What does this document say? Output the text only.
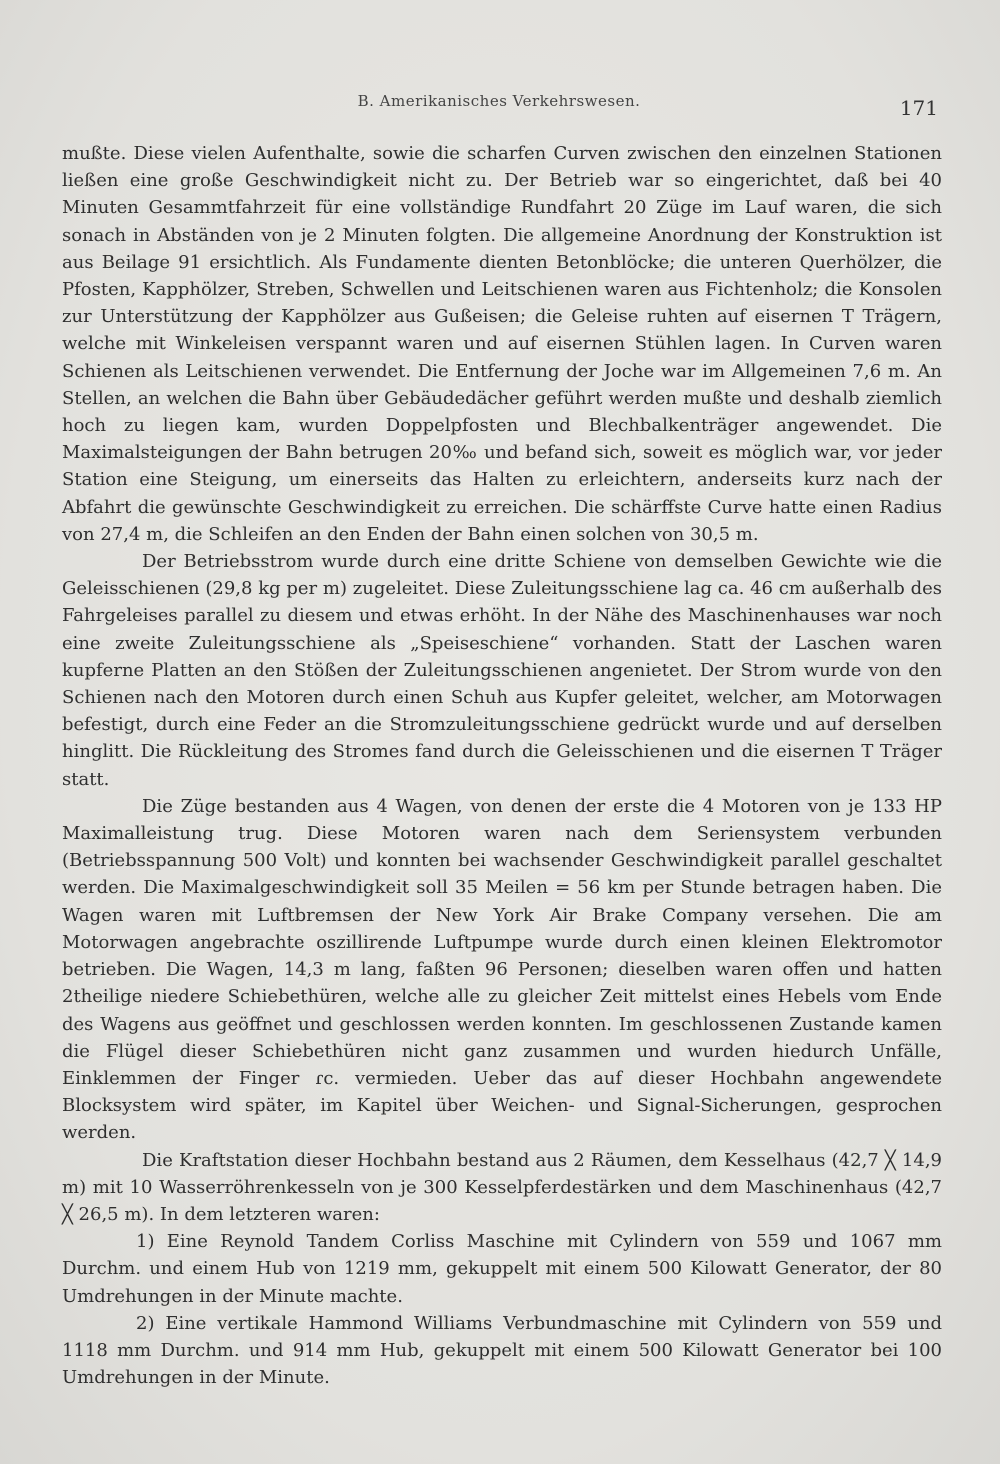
B. Amerikanisches Verkehrswesen.	171

mußte. Diese vielen Aufenthalte, sowie die scharfen Curven zwischen den einzelnen Stationen ließen eine große Geschwindigkeit nicht zu. Der Betrieb war so eingerichtet, daß bei 40 Minuten Gesammtfahrzeit für eine vollständige Rundfahrt 20 Züge im Lauf waren, die sich sonach in Abständen von je 2 Minuten folgten. Die allgemeine Anordnung der Konstruktion ist aus Beilage 91 ersichtlich. Als Fundamente dienten Betonblöcke; die unteren Querhölzer, die Pfosten, Kapphölzer, Streben, Schwellen und Leitschienen waren aus Fichtenholz; die Konsolen zur Unterstützung der Kapphölzer aus Gußeisen; die Geleise ruhten auf eisernen T Trägern, welche mit Winkeleisen verspannt waren und auf eisernen Stühlen lagen. In Curven waren Schienen als Leitschienen verwendet. Die Entfernung der Joche war im Allgemeinen 7,6 m. An Stellen, an welchen die Bahn über Gebäudedächer geführt werden mußte und deshalb ziemlich hoch zu liegen kam, wurden Doppelpfosten und Blechbalkenträger angewendet. Die Maximalsteigungen der Bahn betrugen 20‰ und befand sich, soweit es möglich war, vor jeder Station eine Steigung, um einerseits das Halten zu erleichtern, anderseits kurz nach der Abfahrt die gewünschte Geschwindigkeit zu erreichen. Die schärffste Curve hatte einen Radius von 27,4 m, die Schleifen an den Enden der Bahn einen solchen von 30,5 m.

Der Betriebsstrom wurde durch eine dritte Schiene von demselben Gewichte wie die Geleisschienen (29,8 kg per m) zugeleitet. Diese Zuleitungsschiene lag ca. 46 cm außerhalb des Fahrgeleises parallel zu diesem und etwas erhöht. In der Nähe des Maschinenhauses war noch eine zweite Zuleitungsschiene als „Speiseschiene“ vorhanden. Statt der Laschen waren kupferne Platten an den Stößen der Zuleitungsschienen angenietet. Der Strom wurde von den Schienen nach den Motoren durch einen Schuh aus Kupfer geleitet, welcher, am Motorwagen befestigt, durch eine Feder an die Stromzuleitungsschiene gedrückt wurde und auf derselben hinglitt. Die Rückleitung des Stromes fand durch die Geleisschienen und die eisernen T Träger statt.

Die Züge bestanden aus 4 Wagen, von denen der erste die 4 Motoren von je 133 HP Maximalleistung trug. Diese Motoren waren nach dem Seriensystem verbunden (Betriebsspannung 500 Volt) und konnten bei wachsender Geschwindigkeit parallel geschaltet werden. Die Maximalgeschwindigkeit soll 35 Meilen = 56 km per Stunde betragen haben. Die Wagen waren mit Luftbremsen der New York Air Brake Company versehen. Die am Motorwagen angebrachte oszillirende Luftpumpe wurde durch einen kleinen Elektromotor betrieben. Die Wagen, 14,3 m lang, faßten 96 Personen; dieselben waren offen und hatten 2theilige niedere Schiebethüren, welche alle zu gleicher Zeit mittelst eines Hebels vom Ende des Wagens aus geöffnet und geschlossen werden konnten. Im geschlossenen Zustande kamen die Flügel dieser Schiebethüren nicht ganz zusammen und wurden hiedurch Unfälle, Einklemmen der Finger ɾc. vermieden. Ueber das auf dieser Hochbahn angewendete Blocksystem wird später, im Kapitel über Weichen- und Signal-Sicherungen, gesprochen werden.

Die Kraftstation dieser Hochbahn bestand aus 2 Räumen, dem Kesselhaus (42,7 ╳ 14,9 m) mit 10 Wasserröhrenkesseln von je 300 Kesselpferdestärken und dem Maschinenhaus (42,7 ╳ 26,5 m). In dem letzteren waren:

1) Eine Reynold Tandem Corliss Maschine mit Cylindern von 559 und 1067 mm Durchm. und einem Hub von 1219 mm, gekuppelt mit einem 500 Kilowatt Generator, der 80 Umdrehungen in der Minute machte.

2) Eine vertikale Hammond Williams Verbundmaschine mit Cylindern von 559 und 1118 mm Durchm. und 914 mm Hub, gekuppelt mit einem 500 Kilowatt Generator bei 100 Umdrehungen in der Minute.
